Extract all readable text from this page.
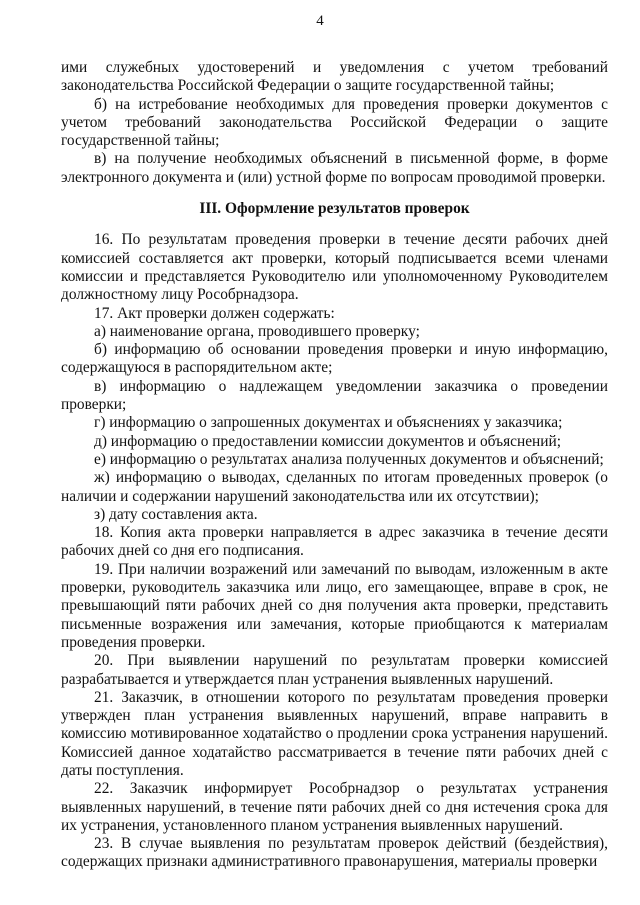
4

ими служебных удостоверений и уведомления с учетом требований законодательства Российской Федерации о защите государственной тайны;

б) на истребование необходимых для проведения проверки документов с учетом требований законодательства Российской Федерации о защите государственной тайны;

в) на получение необходимых объяснений в письменной форме, в форме электронного документа и (или) устной форме по вопросам проводимой проверки.

III. Оформление результатов проверок

16. По результатам проведения проверки в течение десяти рабочих дней комиссией составляется акт проверки, который подписывается всеми членами комиссии и представляется Руководителю или уполномоченному Руководителем должностному лицу Рособрнадзора.

17. Акт проверки должен содержать:

а) наименование органа, проводившего проверку;

б) информацию об основании проведения проверки и иную информацию, содержащуюся в распорядительном акте;

в) информацию о надлежащем уведомлении заказчика о проведении проверки;

г) информацию о запрошенных документах и объяснениях у заказчика;

д) информацию о предоставлении комиссии документов и объяснений;

е) информацию о результатах анализа полученных документов и объяснений;

ж) информацию о выводах, сделанных по итогам проведенных проверок (о наличии и содержании нарушений законодательства или их отсутствии);

з) дату составления акта.

18. Копия акта проверки направляется в адрес заказчика в течение десяти рабочих дней со дня его подписания.

19. При наличии возражений или замечаний по выводам, изложенным в акте проверки, руководитель заказчика или лицо, его замещающее, вправе в срок, не превышающий пяти рабочих дней со дня получения акта проверки, представить письменные возражения или замечания, которые приобщаются к материалам проведения проверки.

20. При выявлении нарушений по результатам проверки комиссией разрабатывается и утверждается план устранения выявленных нарушений.

21. Заказчик, в отношении которого по результатам проведения проверки утвержден план устранения выявленных нарушений, вправе направить в комиссию мотивированное ходатайство о продлении срока устранения нарушений. Комиссией данное ходатайство рассматривается в течение пяти рабочих дней с даты поступления.

22. Заказчик информирует Рособрнадзор о результатах устранения выявленных нарушений, в течение пяти рабочих дней со дня истечения срока для их устранения, установленного планом устранения выявленных нарушений.

23. В случае выявления по результатам проверок действий (бездействия), содержащих признаки административного правонарушения, материалы проверки
